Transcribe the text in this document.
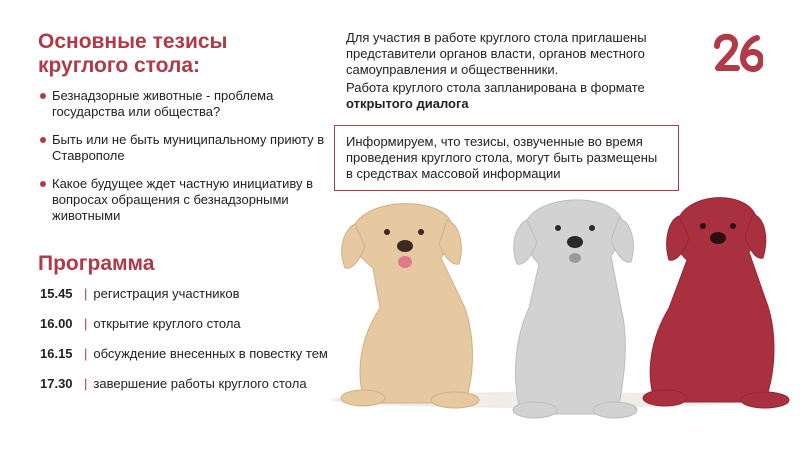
Основные тезисы круглого стола:
Безнадзорные животные - проблема государства или общества?
Быть или не быть муниципальному приюту в Ставрополе
Какое будущее ждет частную инициативу в вопросах обращения с безнадзорными животными
Программа
15.45 | регистрация участников
16.00 | открытие круглого стола
16.15 | обсуждение внесенных в повестку тем
17.30 | завершение работы круглого стола
Для участия в работе круглого стола приглашены представители органов власти, органов местного самоуправления и общественники.
Работа круглого стола запланирована в формате открытого диалога
Информируем, что тезисы, озвученные во время проведения круглого стола, могут быть размещены в средствах массовой информации
